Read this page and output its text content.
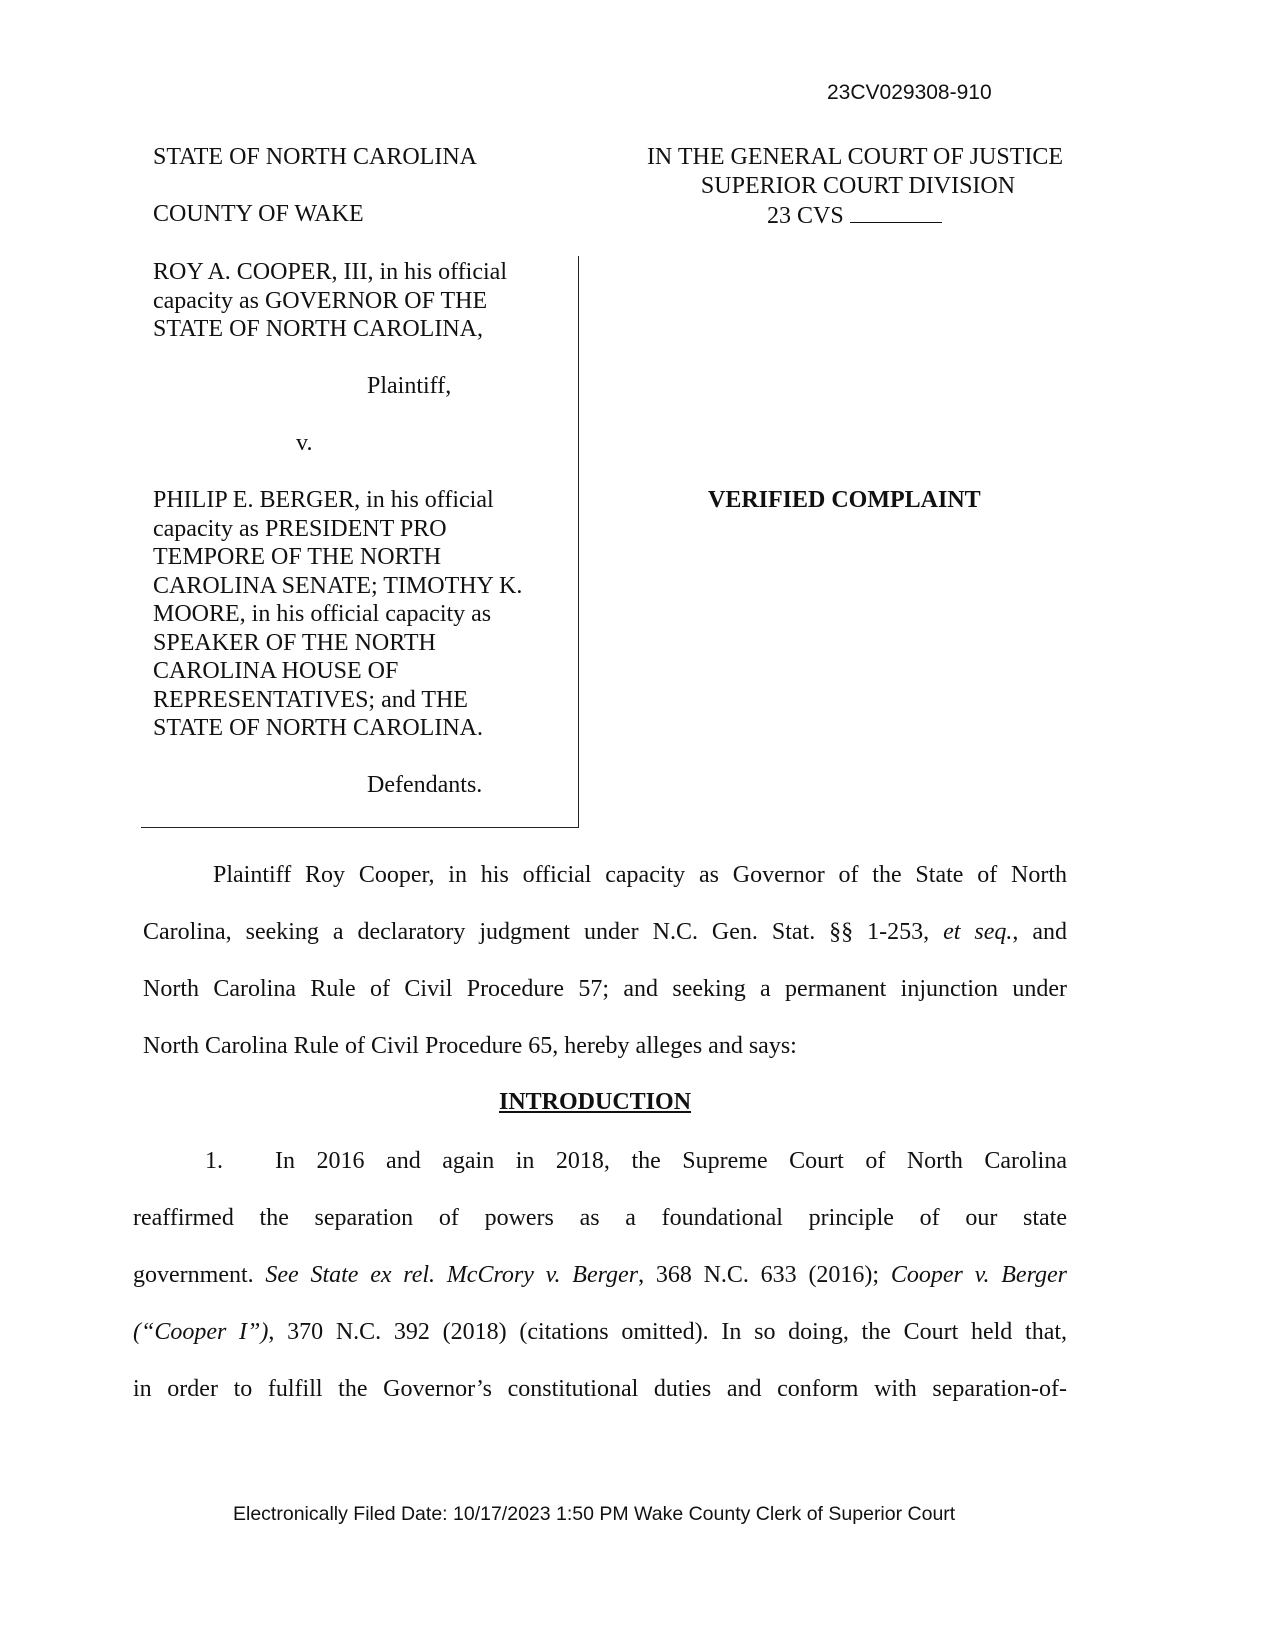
23CV029308-910
STATE OF NORTH CAROLINA
COUNTY OF WAKE
IN THE GENERAL COURT OF JUSTICE
SUPERIOR COURT DIVISION
23 CVS
ROY A. COOPER, III, in his official
capacity as GOVERNOR OF THE
STATE OF NORTH CAROLINA,
Plaintiff,
v.
PHILIP E. BERGER, in his official
capacity as PRESIDENT PRO
TEMPORE OF THE NORTH
CAROLINA SENATE; TIMOTHY K.
MOORE, in his official capacity as
SPEAKER OF THE NORTH
CAROLINA HOUSE OF
REPRESENTATIVES; and THE
STATE OF NORTH CAROLINA.
Defendants.
VERIFIED COMPLAINT
Plaintiff Roy Cooper, in his official capacity as Governor of the State of North
Carolina, seeking a declaratory judgment under N.C. Gen. Stat. §§ 1-253, et seq., and
North Carolina Rule of Civil Procedure 57; and seeking a permanent injunction under
North Carolina Rule of Civil Procedure 65, hereby alleges and says:
INTRODUCTION
1. In 2016 and again in 2018, the Supreme Court of North Carolina
reaffirmed the separation of powers as a foundational principle of our state
government. See State ex rel. McCrory v. Berger, 368 N.C. 633 (2016); Cooper v. Berger
(“Cooper I”), 370 N.C. 392 (2018) (citations omitted). In so doing, the Court held that,
in order to fulfill the Governor’s constitutional duties and conform with separation-of-
Electronically Filed Date: 10/17/2023 1:50 PM Wake County Clerk of Superior Court
